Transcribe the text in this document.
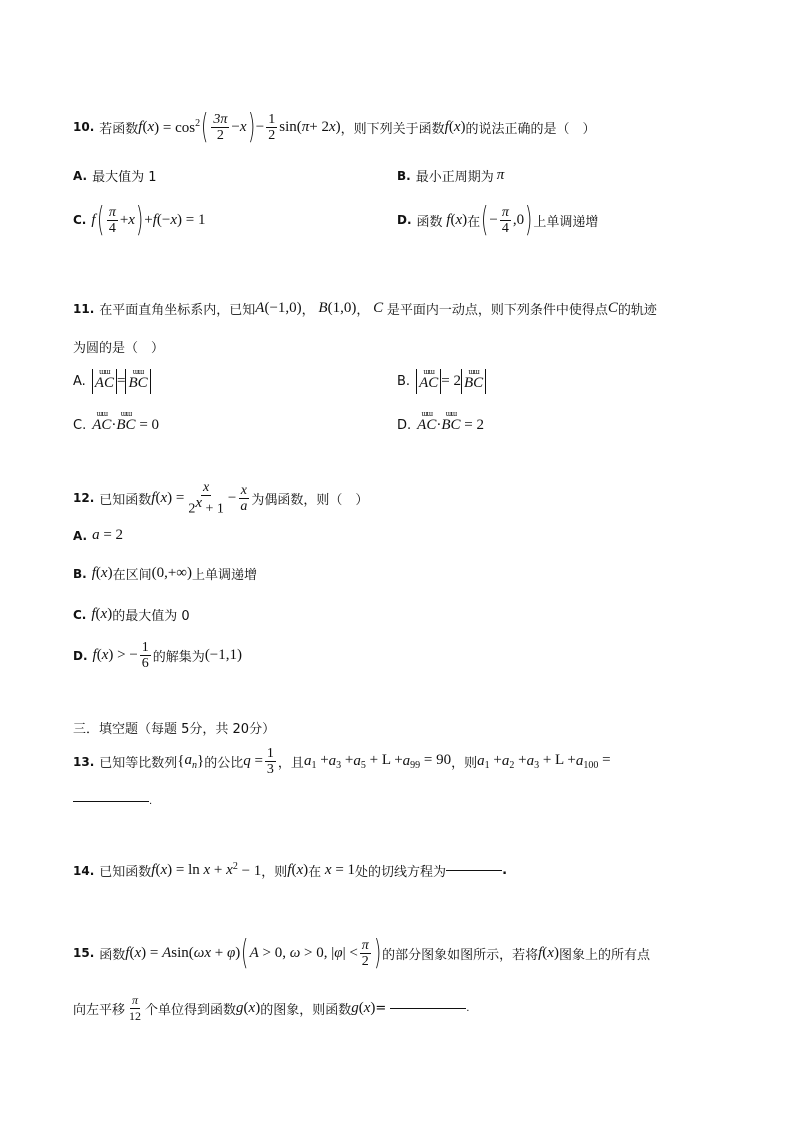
10. 若函数 f ( x ) = $\cos^2$ ( $\frac{3\pi}{2} - x$ ) − $\frac{1}{2}$ sin ( π + 2 x ) ，则下列关于函数 f ( x ) 的说法正确的是（　）
A. 最大值为 1	B. 最小正周期为 π
C. f ( $\frac{\pi}{4} + x$ ) + f (− x ) = 1	D. 函数 f ( x ) 在 ( − $\frac{\pi}{4} ,0$ ) 上单调递增
11. 在平面直角坐标系内，已知 A (−1,0) ， B (1,0) ， C 是平面内一动点，则下列条件中使得点 C 的轨迹
为圆的是（　）
A.
ɯɯ
AC =
ɯɯ
BC	B.
ɯɯ
AC = 2
ɯɯ
BC
C.
ɯɯ
AC ·
ɯɯ
BC = 0	D.
ɯɯ
AC ·
ɯɯ
BC = 2
12. 已知函数 f ( x ) = $\frac{x}{2^x + 1} - \frac{x}{a}$ 为偶函数，则（　）
A. a = 2
B. f ( x ) 在区间 (0,+∞) 上单调递增
C. f ( x ) 的最大值为 0
D. f ( x ) > − $\frac{1}{6}$ 的解集为 (−1,1)
三．填空题（每题 5分，共 20分）
13. 已知等比数列 { $a_n$ } 的公比 $q = \frac{1}{3}$ ，且 a $_1$ + a $_3$ + a $_5$ + L + a $_{99}$ = 90 ，则 a $_1$ + a $_2$ + a $_3$ + L + a $_{100}$ =
.
14. 已知函数 f ( x ) = ln x + x $^2$ − 1 ，则 f ( x ) 在 x = 1 处的切线方程为	.
15. 函数 f ( x ) = A sin( ωx + φ ) ( A > 0, ω > 0, | φ | < $\frac{\pi}{2}$ ) 的部分图象如图所示，若将 f ( x ) 图象上的所有点
向左平移 $\frac{\pi}{12}$ 个单位得到函数 g ( x ) 的图象，则函数 g ( x ) =	.
